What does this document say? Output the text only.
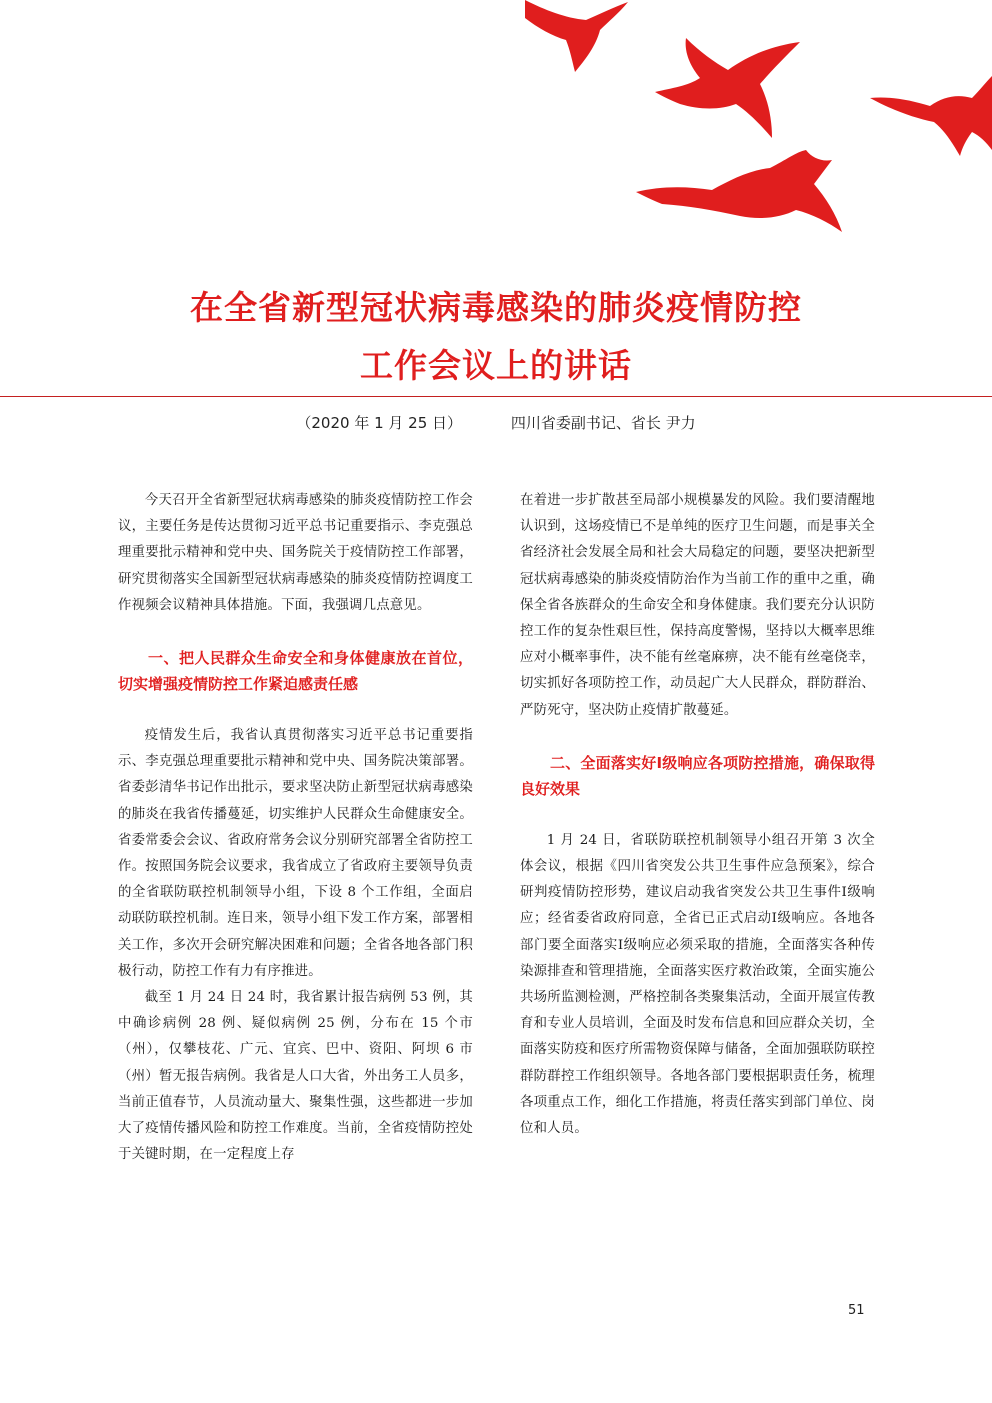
在全省新型冠状病毒感染的肺炎疫情防控
工作会议上的讲话
（2020 年 1 月 25 日）	四川省委副书记、省长 尹力

今天召开全省新型冠状病毒感染的肺炎疫情防控工作会议，主要任务是传达贯彻习近平总书记重要指示、李克强总理重要批示精神和党中央、国务院关于疫情防控工作部署，研究贯彻落实全国新型冠状病毒感染的肺炎疫情防控调度工作视频会议精神具体措施。下面，我强调几点意见。

一、把人民群众生命安全和身体健康放在首位，切实增强疫情防控工作紧迫感责任感

疫情发生后，我省认真贯彻落实习近平总书记重要指示、李克强总理重要批示精神和党中央、国务院决策部署。省委彭清华书记作出批示，要求坚决防止新型冠状病毒感染的肺炎在我省传播蔓延，切实维护人民群众生命健康安全。省委常委会会议、省政府常务会议分别研究部署全省防控工作。按照国务院会议要求，我省成立了省政府主要领导负责的全省联防联控机制领导小组，下设 8 个工作组，全面启动联防联控机制。连日来，领导小组下发工作方案，部署相关工作，多次开会研究解决困难和问题；全省各地各部门积极行动，防控工作有力有序推进。

截至 1 月 24 日 24 时，我省累计报告病例 53 例，其中确诊病例 28 例、疑似病例 25 例，分布在 15 个市（州），仅攀枝花、广元、宜宾、巴中、资阳、阿坝 6 市（州）暂无报告病例。我省是人口大省，外出务工人员多，当前正值春节，人员流动量大、聚集性强，这些都进一步加大了疫情传播风险和防控工作难度。当前，全省疫情防控处于关键时期，在一定程度上存

在着进一步扩散甚至局部小规模暴发的风险。我们要清醒地认识到，这场疫情已不是单纯的医疗卫生问题，而是事关全省经济社会发展全局和社会大局稳定的问题，要坚决把新型冠状病毒感染的肺炎疫情防治作为当前工作的重中之重，确保全省各族群众的生命安全和身体健康。我们要充分认识防控工作的复杂性艰巨性，保持高度警惕，坚持以大概率思维应对小概率事件，决不能有丝毫麻痹，决不能有丝毫侥幸，切实抓好各项防控工作，动员起广大人民群众，群防群治、严防死守，坚决防止疫情扩散蔓延。

二、全面落实好Ⅰ级响应各项防控措施，确保取得良好效果

1 月 24 日，省联防联控机制领导小组召开第 3 次全体会议，根据《四川省突发公共卫生事件应急预案》，综合研判疫情防控形势，建议启动我省突发公共卫生事件Ⅰ级响应；经省委省政府同意，全省已正式启动Ⅰ级响应。各地各部门要全面落实Ⅰ级响应必须采取的措施，全面落实各种传染源排查和管理措施，全面落实医疗救治政策，全面实施公共场所监测检测，严格控制各类聚集活动，全面开展宣传教育和专业人员培训，全面及时发布信息和回应群众关切，全面落实防疫和医疗所需物资保障与储备，全面加强联防联控群防群控工作组织领导。各地各部门要根据职责任务，梳理各项重点工作，细化工作措施，将责任落实到部门单位、岗位和人员。

51
